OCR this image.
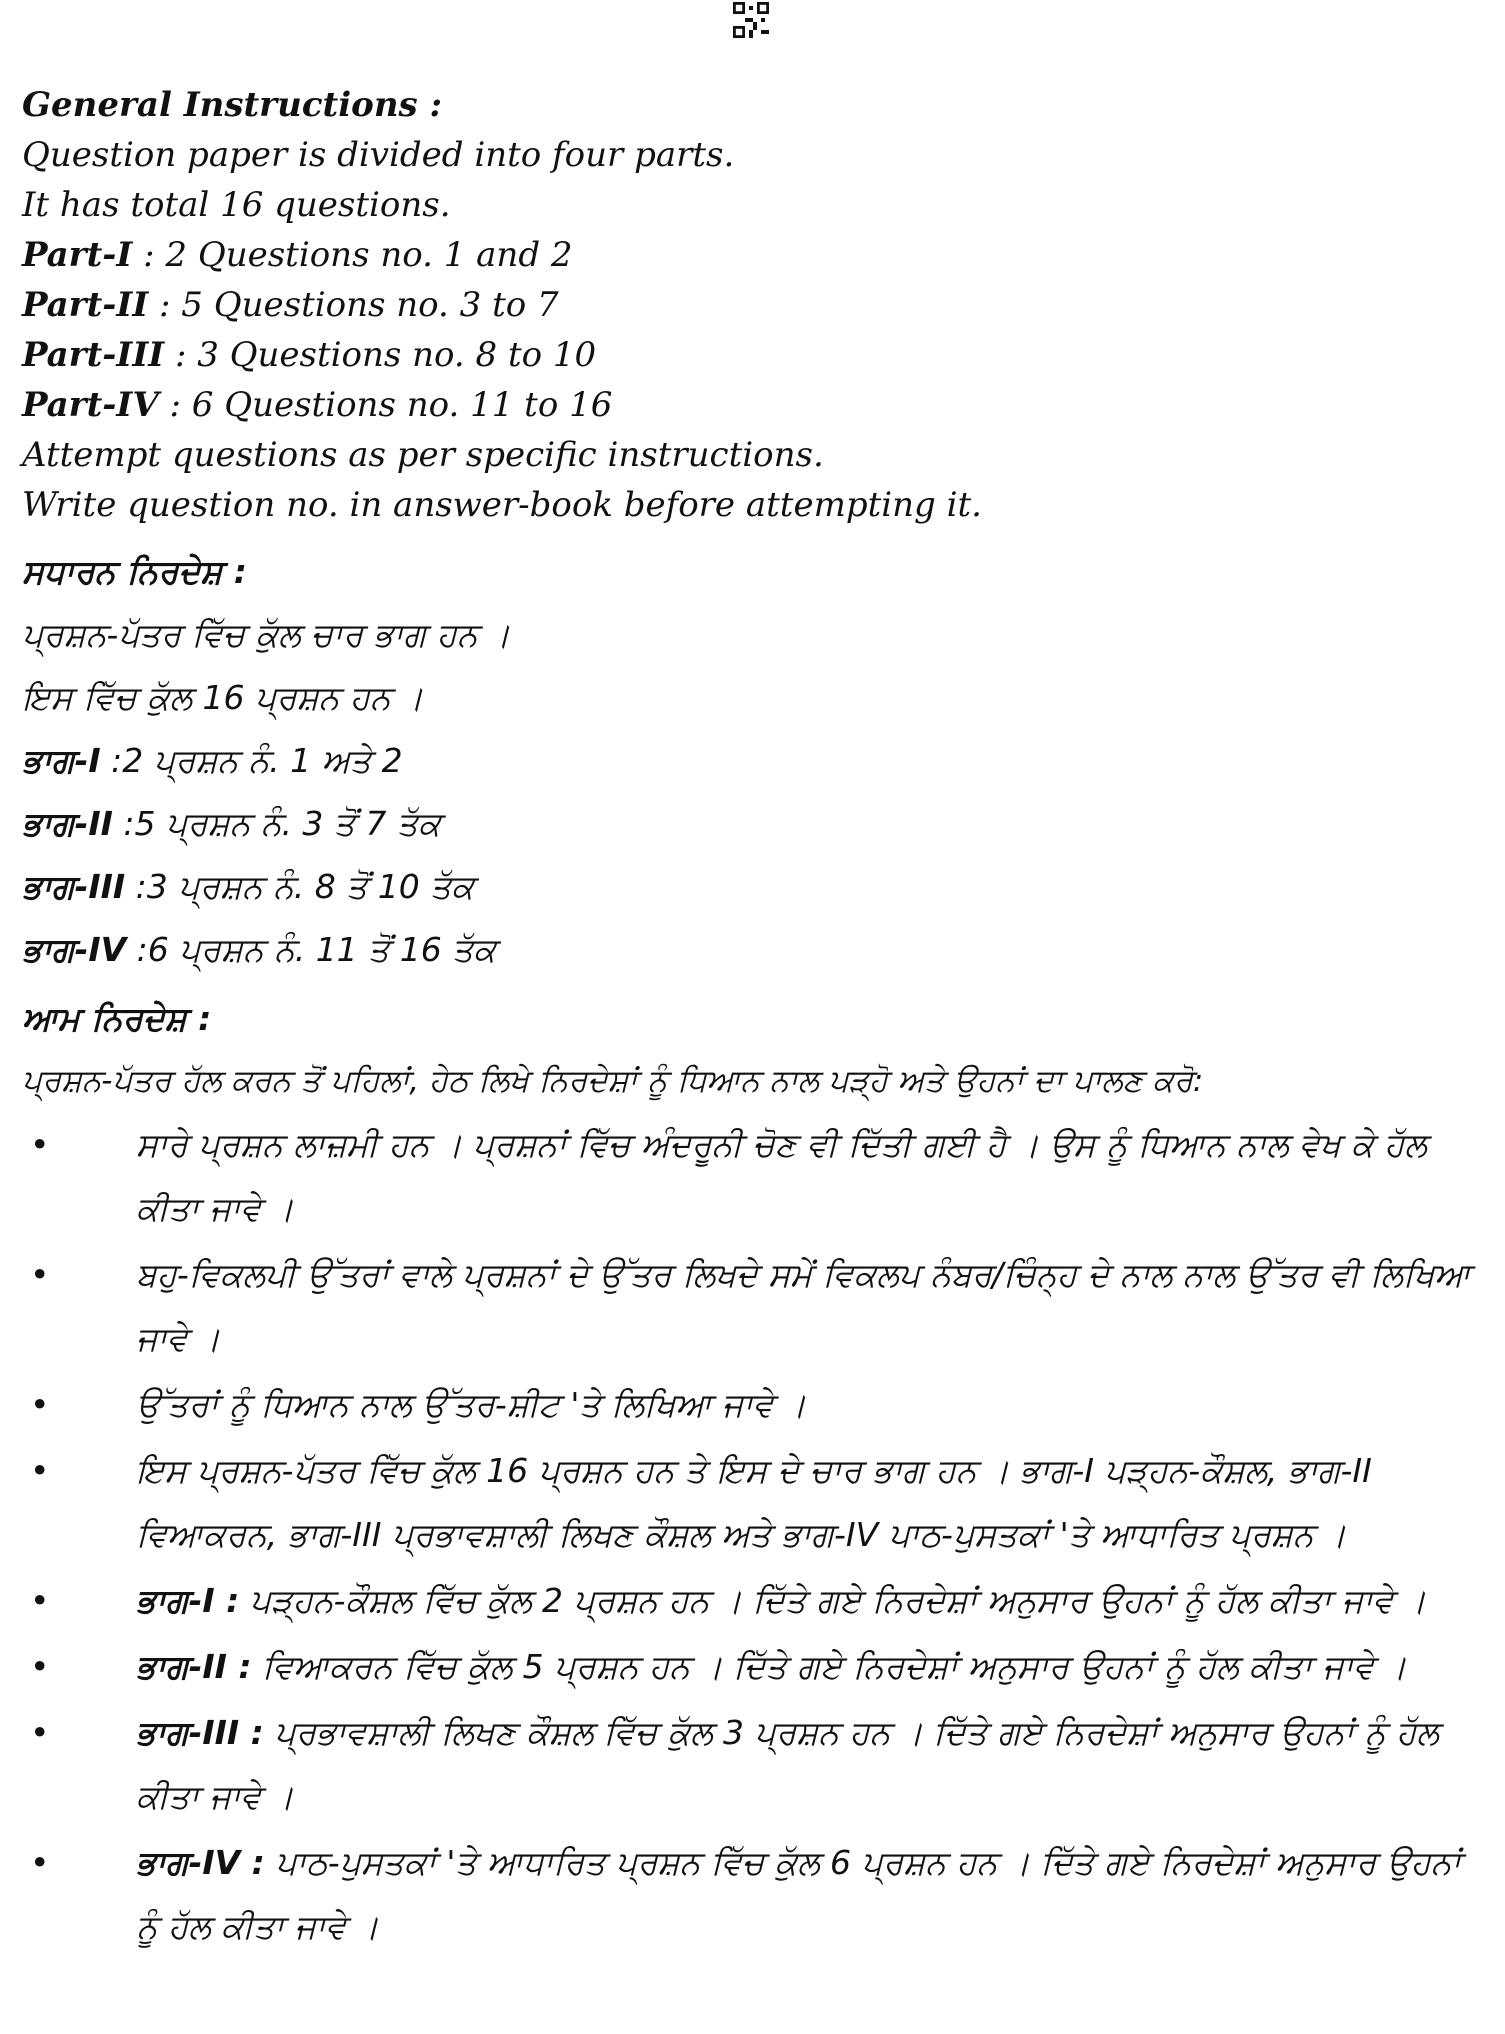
General Instructions :
Question paper is divided into four parts.
It has total 16 questions.
Part-I : 2 Questions no. 1 and 2
Part-II : 5 Questions no. 3 to 7
Part-III : 3 Questions no. 8 to 10
Part-IV : 6 Questions no. 11 to 16
Attempt questions as per specific instructions.
Write question no. in answer-book before attempting it.
ਸਧਾਰਨ ਨਿਰਦੇਸ਼ :
ਪ੍ਰਸ਼ਨ-ਪੱਤਰ ਵਿੱਚ ਕੁੱਲ ਚਾਰ ਭਾਗ ਹਨ ।
ਇਸ ਵਿੱਚ ਕੁੱਲ 16 ਪ੍ਰਸ਼ਨ ਹਨ ।
ਭਾਗ-I :2 ਪ੍ਰਸ਼ਨ ਨੰ. 1 ਅਤੇ 2
ਭਾਗ-II :5 ਪ੍ਰਸ਼ਨ ਨੰ. 3 ਤੋਂ 7 ਤੱਕ
ਭਾਗ-III :3 ਪ੍ਰਸ਼ਨ ਨੰ. 8 ਤੋਂ 10 ਤੱਕ
ਭਾਗ-IV :6 ਪ੍ਰਸ਼ਨ ਨੰ. 11 ਤੋਂ 16 ਤੱਕ
ਆਮ ਨਿਰਦੇਸ਼ :
ਪ੍ਰਸ਼ਨ-ਪੱਤਰ ਹੱਲ ਕਰਨ ਤੋਂ ਪਹਿਲਾਂ, ਹੇਠ ਲਿਖੇ ਨਿਰਦੇਸ਼ਾਂ ਨੂੰ ਧਿਆਨ ਨਾਲ ਪੜ੍ਹੋ ਅਤੇ ਉਹਨਾਂ ਦਾ ਪਾਲਣ ਕਰੋ:
•	ਸਾਰੇ ਪ੍ਰਸ਼ਨ ਲਾਜ਼ਮੀ ਹਨ । ਪ੍ਰਸ਼ਨਾਂ ਵਿੱਚ ਅੰਦਰੂਨੀ ਚੋਣ ਵੀ ਦਿੱਤੀ ਗਈ ਹੈ । ਉਸ ਨੂੰ ਧਿਆਨ ਨਾਲ ਵੇਖ ਕੇ ਹੱਲ ਕੀਤਾ ਜਾਵੇ ।
•	ਬਹੁ-ਵਿਕਲਪੀ ਉੱਤਰਾਂ ਵਾਲੇ ਪ੍ਰਸ਼ਨਾਂ ਦੇ ਉੱਤਰ ਲਿਖਦੇ ਸਮੇਂ ਵਿਕਲਪ ਨੰਬਰ/ਚਿੰਨ੍ਹ ਦੇ ਨਾਲ ਨਾਲ ਉੱਤਰ ਵੀ ਲਿਖਿਆ ਜਾਵੇ ।
•	ਉੱਤਰਾਂ ਨੂੰ ਧਿਆਨ ਨਾਲ ਉੱਤਰ-ਸ਼ੀਟ 'ਤੇ ਲਿਖਿਆ ਜਾਵੇ ।
•	ਇਸ ਪ੍ਰਸ਼ਨ-ਪੱਤਰ ਵਿੱਚ ਕੁੱਲ 16 ਪ੍ਰਸ਼ਨ ਹਨ ਤੇ ਇਸ ਦੇ ਚਾਰ ਭਾਗ ਹਨ । ਭਾਗ-I ਪੜ੍ਹਨ-ਕੌਸ਼ਲ, ਭਾਗ-II ਵਿਆਕਰਨ, ਭਾਗ-III ਪ੍ਰਭਾਵਸ਼ਾਲੀ ਲਿਖਣ ਕੌਸ਼ਲ ਅਤੇ ਭਾਗ-IV ਪਾਠ-ਪੁਸਤਕਾਂ 'ਤੇ ਆਧਾਰਿਤ ਪ੍ਰਸ਼ਨ ।
•	ਭਾਗ-I : ਪੜ੍ਹਨ-ਕੌਸ਼ਲ ਵਿੱਚ ਕੁੱਲ 2 ਪ੍ਰਸ਼ਨ ਹਨ । ਦਿੱਤੇ ਗਏ ਨਿਰਦੇਸ਼ਾਂ ਅਨੁਸਾਰ ਉਹਨਾਂ ਨੂੰ ਹੱਲ ਕੀਤਾ ਜਾਵੇ ।
•	ਭਾਗ-II : ਵਿਆਕਰਨ ਵਿੱਚ ਕੁੱਲ 5 ਪ੍ਰਸ਼ਨ ਹਨ । ਦਿੱਤੇ ਗਏ ਨਿਰਦੇਸ਼ਾਂ ਅਨੁਸਾਰ ਉਹਨਾਂ ਨੂੰ ਹੱਲ ਕੀਤਾ ਜਾਵੇ ।
•	ਭਾਗ-III : ਪ੍ਰਭਾਵਸ਼ਾਲੀ ਲਿਖਣ ਕੌਸ਼ਲ ਵਿੱਚ ਕੁੱਲ 3 ਪ੍ਰਸ਼ਨ ਹਨ । ਦਿੱਤੇ ਗਏ ਨਿਰਦੇਸ਼ਾਂ ਅਨੁਸਾਰ ਉਹਨਾਂ ਨੂੰ ਹੱਲ ਕੀਤਾ ਜਾਵੇ ।
•	ਭਾਗ-IV : ਪਾਠ-ਪੁਸਤਕਾਂ 'ਤੇ ਆਧਾਰਿਤ ਪ੍ਰਸ਼ਨ ਵਿੱਚ ਕੁੱਲ 6 ਪ੍ਰਸ਼ਨ ਹਨ । ਦਿੱਤੇ ਗਏ ਨਿਰਦੇਸ਼ਾਂ ਅਨੁਸਾਰ ਉਹਨਾਂ ਨੂੰ ਹੱਲ ਕੀਤਾ ਜਾਵੇ ।
